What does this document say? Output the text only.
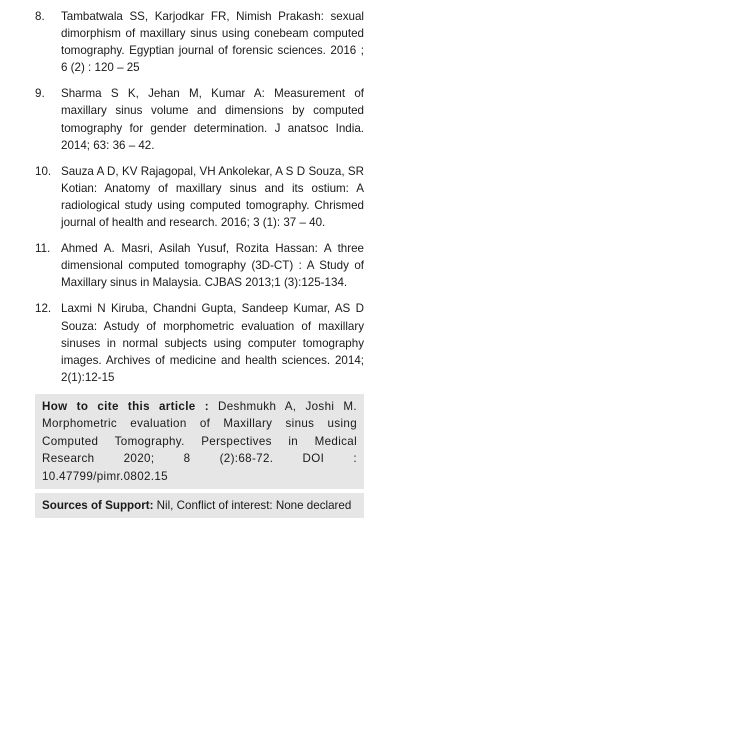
8. Tambatwala SS, Karjodkar FR, Nimish Prakash: sexual dimorphism of maxillary sinus using conebeam computed tomography. Egyptian journal of forensic sciences. 2016 ; 6 (2) : 120 – 25
9. Sharma S K, Jehan M, Kumar A: Measurement of maxillary sinus volume and dimensions by computed tomography for gender determination. J anatsoc India. 2014; 63: 36 – 42.
10. Sauza A D, KV Rajagopal, VH Ankolekar, A S D Souza, SR Kotian: Anatomy of maxillary sinus and its ostium: A radiological study using computed tomography. Chrismed journal of health and research. 2016; 3 (1): 37 – 40.
11. Ahmed A. Masri, Asilah Yusuf, Rozita Hassan: A three dimensional computed tomography (3D-CT) : A Study of Maxillary sinus in Malaysia. CJBAS 2013;1 (3):125-134.
12. Laxmi N Kiruba, Chandni Gupta, Sandeep Kumar, AS D Souza: Astudy of morphometric evaluation of maxillary sinuses in normal subjects using computer tomography images. Archives of medicine and health sciences. 2014; 2(1):12-15
How to cite this article : Deshmukh A, Joshi M. Morphometric evaluation of Maxillary sinus using Computed Tomography. Perspectives in Medical Research 2020; 8 (2):68-72. DOI : 10.47799/pimr.0802.15
Sources of Support: Nil, Conflict of interest: None declared
